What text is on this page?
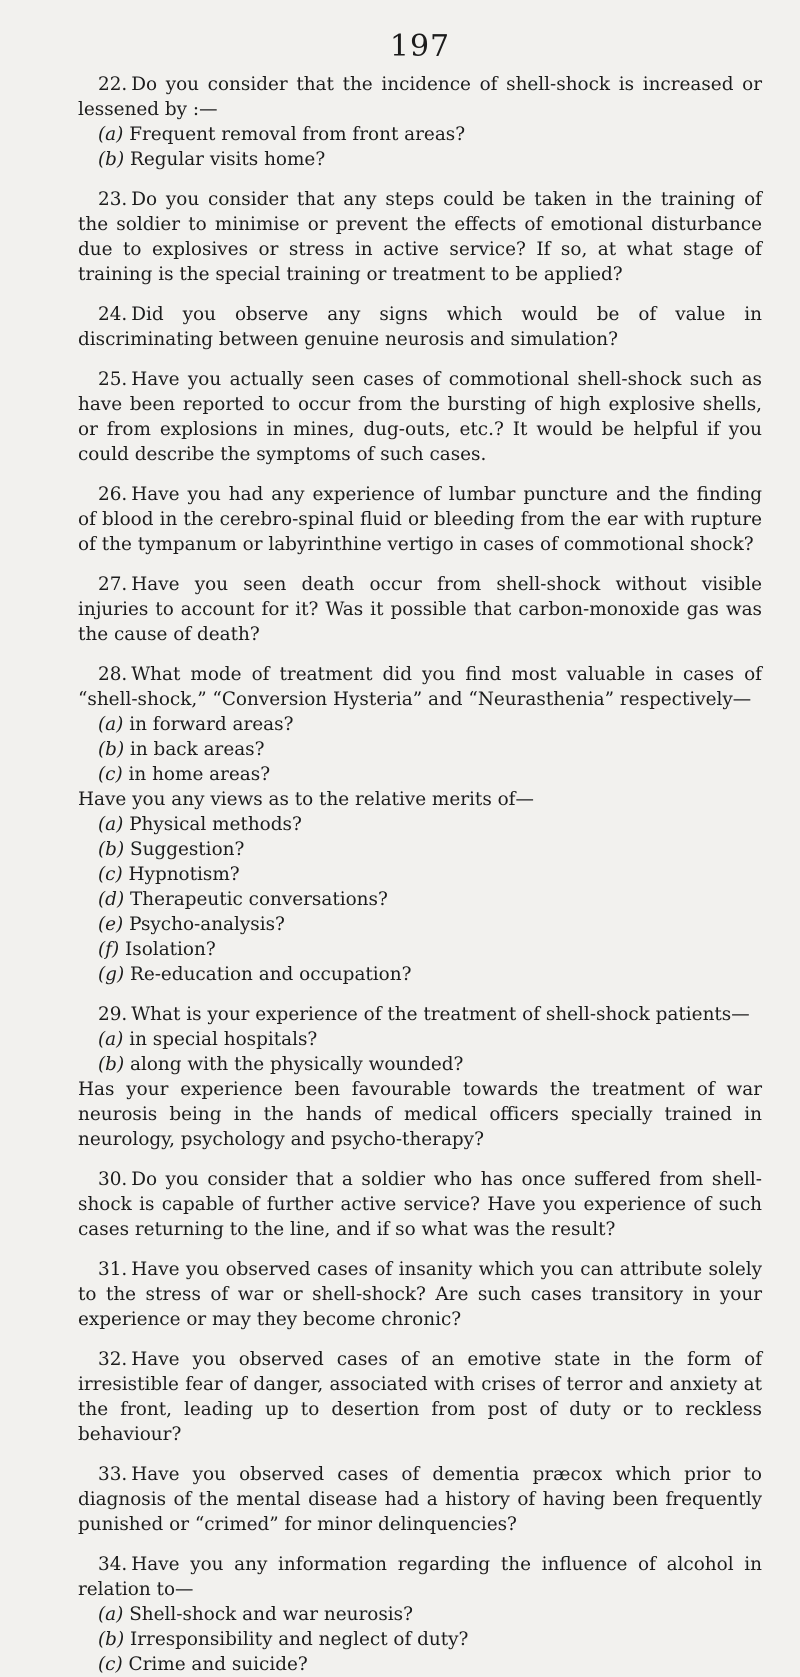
197

22. Do you consider that the incidence of shell-shock is increased or lessened by :—

(a) Frequent removal from front areas?

(b) Regular visits home?

23. Do you consider that any steps could be taken in the training of the soldier to minimise or prevent the effects of emotional disturbance due to explosives or stress in active service? If so, at what stage of training is the special training or treatment to be applied?

24. Did you observe any signs which would be of value in discriminating between genuine neurosis and simulation?

25. Have you actually seen cases of commotional shell-shock such as have been reported to occur from the bursting of high explosive shells, or from explosions in mines, dug-outs, etc.? It would be helpful if you could describe the symptoms of such cases.

26. Have you had any experience of lumbar puncture and the finding of blood in the cerebro-spinal fluid or bleeding from the ear with rupture of the tympanum or labyrinthine vertigo in cases of commotional shock?

27. Have you seen death occur from shell-shock without visible injuries to account for it? Was it possible that carbon-monoxide gas was the cause of death?

28. What mode of treatment did you find most valuable in cases of “shell-shock,” “Conversion Hysteria” and “Neurasthenia” respectively—

(a) in forward areas?

(b) in back areas?

(c) in home areas?

Have you any views as to the relative merits of—

(a) Physical methods?

(b) Suggestion?

(c) Hypnotism?

(d) Therapeutic conversations?

(e) Psycho-analysis?

(f) Isolation?

(g) Re-education and occupation?

29. What is your experience of the treatment of shell-shock patients—

(a) in special hospitals?

(b) along with the physically wounded?

Has your experience been favourable towards the treatment of war neurosis being in the hands of medical officers specially trained in neurology, psychology and psycho-therapy?

30. Do you consider that a soldier who has once suffered from shell-shock is capable of further active service? Have you experience of such cases returning to the line, and if so what was the result?

31. Have you observed cases of insanity which you can attribute solely to the stress of war or shell-shock? Are such cases transitory in your experience or may they become chronic?

32. Have you observed cases of an emotive state in the form of irresistible fear of danger, associated with crises of terror and anxiety at the front, leading up to desertion from post of duty or to reckless behaviour?

33. Have you observed cases of dementia præcox which prior to diagnosis of the mental disease had a history of having been frequently punished or “crimed” for minor delinquencies?

34. Have you any information regarding the influence of alcohol in relation to—

(a) Shell-shock and war neurosis?

(b) Irresponsibility and neglect of duty?

(c) Crime and suicide?
